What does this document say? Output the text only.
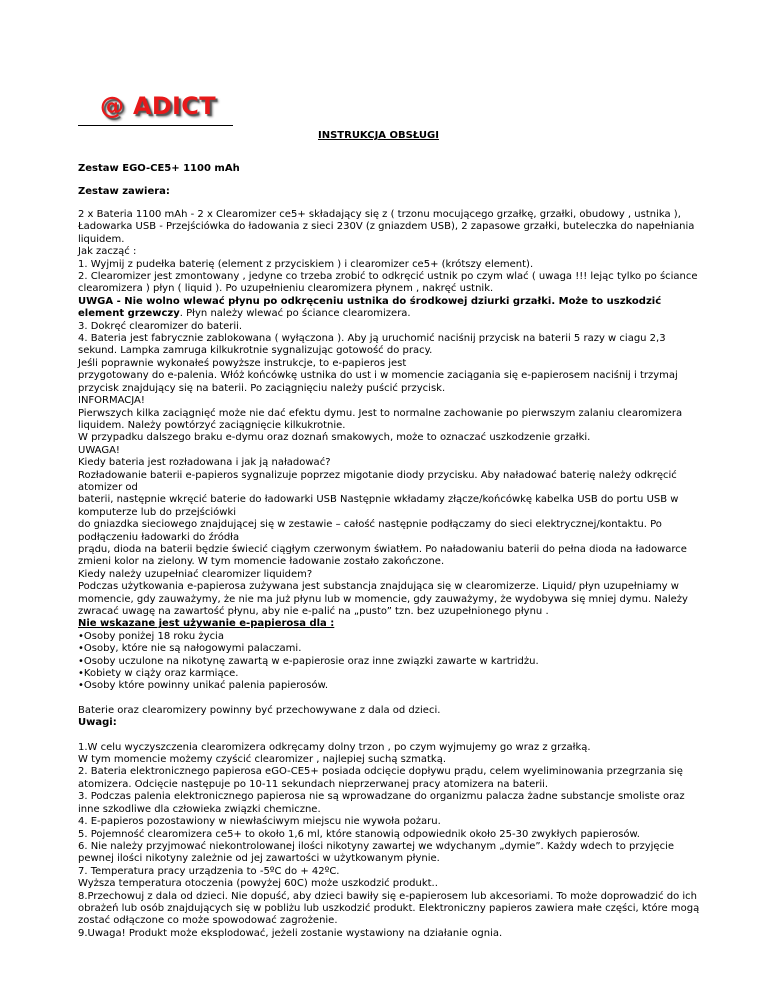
@ ADICT
INSTRUKCJA OBSŁUGI
Zestaw EGO-CE5+ 1100 mAh
Zestaw zawiera:

2 x Bateria 1100 mAh - 2 x Clearomizer ce5+ składający się z ( trzonu mocującego grzałkę, grzałki, obudowy , ustnika ), Ładowarka USB - Przejściówka do ładowania z sieci 230V (z gniazdem USB), 2 zapasowe grzałki, buteleczka do napełniania liquidem.

Jak zacząć :

1. Wyjmij z pudełka baterię (element z przyciskiem ) i clearomizer ce5+ (krótszy element).

2. Clearomizer jest zmontowany , jedyne co trzeba zrobić to odkręcić ustnik po czym wlać ( uwaga !!! lejąc tylko po ściance clearomizera ) płyn ( liquid ). Po uzupełnieniu clearomizera płynem , nakręć ustnik.

UWGA - Nie wolno wlewać płynu po odkręceniu ustnika do środkowej dziurki grzałki. Może to uszkodzić element grzewczy. Płyn należy wlewać po ściance clearomizera.

3. Dokręć clearomizer do baterii.

4. Bateria jest fabrycznie zablokowana ( wyłączona ). Aby ją uruchomić naciśnij przycisk na baterii 5 razy w ciagu 2,3 sekund. Lampka zamruga kilkukrotnie sygnalizując gotowość do pracy.

Jeśli poprawnie wykonałeś powyższe instrukcje, to e-papieros jest

przygotowany do e-palenia. Włóż końcówkę ustnika do ust i w momencie zaciągania się e-papierosem naciśnij i trzymaj przycisk znajdujący się na baterii. Po zaciągnięciu należy puścić przycisk.

INFORMACJA!

Pierwszych kilka zaciągnięć może nie dać efektu dymu. Jest to normalne zachowanie po pierwszym zalaniu clearomizera liquidem. Należy powtórzyć zaciągnięcie kilkukrotnie.

W przypadku dalszego braku e-dymu oraz doznań smakowych, może to oznaczać uszkodzenie grzałki.

UWAGA!

Kiedy bateria jest rozładowana i jak ją naładować?

Rozładowanie baterii e-papieros sygnalizuje poprzez migotanie diody przycisku. Aby naładować baterię należy odkręcić atomizer od

baterii, następnie wkręcić baterie do ładowarki USB Następnie wkładamy złącze/końcówkę kabelka USB do portu USB w komputerze lub do przejściówki

do gniazdka sieciowego znajdującej się w zestawie – całość następnie podłączamy do sieci elektrycznej/kontaktu. Po podłączeniu ładowarki do źródła

prądu, dioda na baterii będzie świecić ciągłym czerwonym światłem. Po naładowaniu baterii do pełna dioda na ładowarce zmieni kolor na zielony. W tym momencie ładowanie zostało zakończone.

Kiedy należy uzupełniać clearomizer liquidem?

Podczas użytkowania e-papierosa zużywana jest substancja znajdująca się w clearomizerze. Liquid/ płyn uzupełniamy w momencie, gdy zauważymy, że nie ma już płynu lub w momencie, gdy zauważymy, że wydobywa się mniej dymu. Należy zwracać uwagę na zawartość płynu, aby nie e-palić na „pusto” tzn. bez uzupełnionego płynu .

Nie wskazane jest używanie e-papierosa dla :

•Osoby poniżej 18 roku życia

•Osoby, które nie są nałogowymi palaczami.

•Osoby uczulone na nikotynę zawartą w e-papierosie oraz inne związki zawarte w kartridżu.

•Kobiety w ciąży oraz karmiące.

•Osoby które powinny unikać palenia papierosów.

Baterie oraz clearomizery powinny być przechowywane z dala od dzieci.

Uwagi:

1.W celu wyczyszczenia clearomizera odkręcamy dolny trzon , po czym wyjmujemy go wraz z grzałką.

W tym momencie możemy czyścić clearomizer , najlepiej suchą szmatką.

2. Bateria elektronicznego papierosa eGO-CE5+ posiada odcięcie dopływu prądu, celem wyeliminowania przegrzania się atomizera. Odcięcie następuje po 10-11 sekundach nieprzerwanej pracy atomizera na baterii.

3. Podczas palenia elektronicznego papierosa nie są wprowadzane do organizmu palacza żadne substancje smoliste oraz inne szkodliwe dla człowieka związki chemiczne.

4. E-papieros pozostawiony w niewłaściwym miejscu nie wywoła pożaru.

5. Pojemność clearomizera ce5+ to około 1,6 ml, które stanowią odpowiednik około 25-30 zwykłych papierosów.

6. Nie należy przyjmować niekontrolowanej ilości nikotyny zawartej we wdychanym „dymie”. Każdy wdech to przyjęcie pewnej ilości nikotyny zależnie od jej zawartości w użytkowanym płynie.

7. Temperatura pracy urządzenia to -5ºC do + 42ºC.

Wyższa temperatura otoczenia (powyżej 60C) może uszkodzić produkt..

8.Przechowuj z dala od dzieci. Nie dopuść, aby dzieci bawiły się e-papierosem lub akcesoriami. To może doprowadzić do ich obrażeń lub osób znajdujących się w pobliżu lub uszkodzić produkt. Elektroniczny papieros zawiera małe części, które mogą zostać odłączone co może spowodować zagrożenie.

9.Uwaga! Produkt może eksplodować, jeżeli zostanie wystawiony na działanie ognia.
